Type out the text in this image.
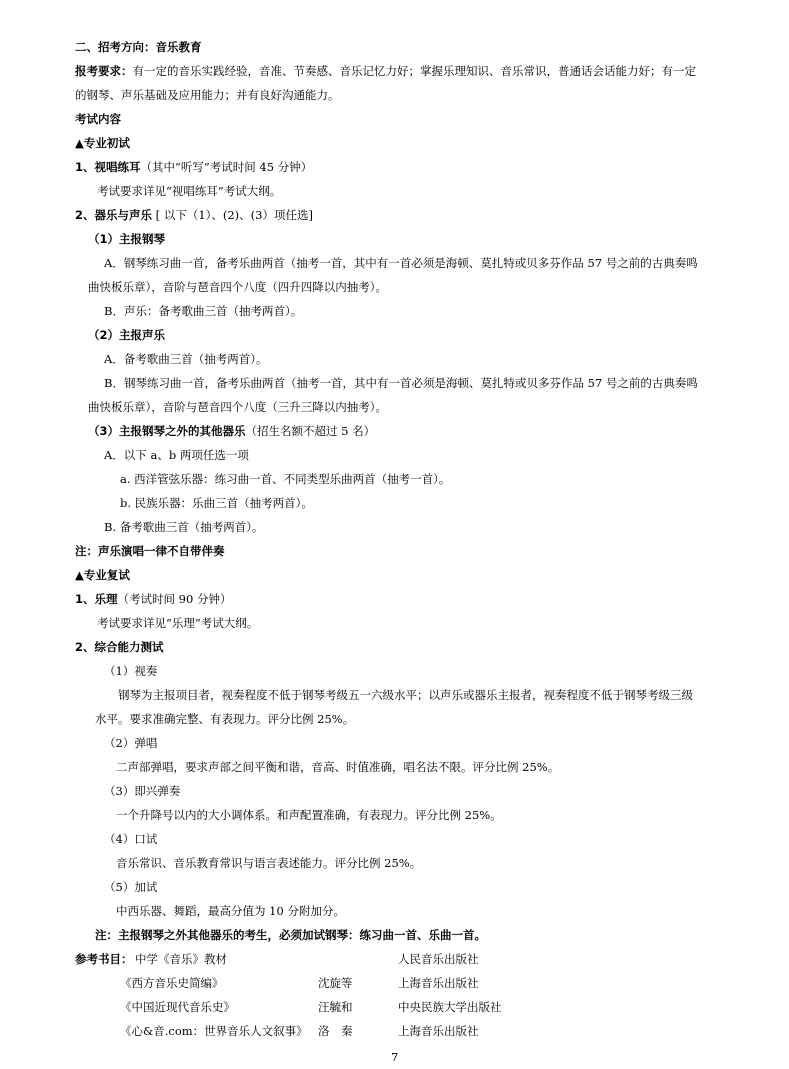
二、招考方向：音乐教育
报考要求：有一定的音乐实践经验，音准、节奏感、音乐记忆力好；掌握乐理知识、音乐常识，普通话会话能力好；有一定
的钢琴、声乐基础及应用能力；并有良好沟通能力。
考试内容
▲专业初试
1、视唱练耳（其中“听写”考试时间 45 分钟）
考试要求详见“视唱练耳”考试大纲。
2、器乐与声乐 [ 以下（1）、(2)、(3）项任选]
（1）主报钢琴
A．钢琴练习曲一首，备考乐曲两首（抽考一首，其中有一首必须是海顿、莫扎特或贝多芬作品 57 号之前的古典奏鸣
曲快板乐章），音阶与琶音四个八度（四升四降以内抽考）。
B．声乐：备考歌曲三首（抽考两首）。
（2）主报声乐
A．备考歌曲三首（抽考两首）。
B．钢琴练习曲一首，备考乐曲两首（抽考一首，其中有一首必须是海顿、莫扎特或贝多芬作品 57 号之前的古典奏鸣
曲快板乐章），音阶与琶音四个八度（三升三降以内抽考）。
（3）主报钢琴之外的其他器乐（招生名额不超过 5 名）
A．以下 a、b 两项任选一项
a. 西洋管弦乐器：练习曲一首、不同类型乐曲两首（抽考一首）。
b. 民族乐器：乐曲三首（抽考两首）。
B. 备考歌曲三首（抽考两首）。
注：声乐演唱一律不自带伴奏
▲专业复试
1、乐理（考试时间 90 分钟）
考试要求详见“乐理”考试大纲。
2、综合能力测试
（1）视奏
钢琴为主报项目者，视奏程度不低于钢琴考级五一六级水平；以声乐或器乐主报者，视奏程度不低于钢琴考级三级
水平。要求准确完整、有表现力。评分比例 25%。
（2）弹唱
二声部弹唱，要求声部之间平衡和谐，音高、时值准确，唱名法不限。评分比例 25%。
（3）即兴弹奏
一个升降号以内的大小调体系。和声配置准确，有表现力。评分比例 25%。
（4）口试
音乐常识、音乐教育常识与语言表述能力。评分比例 25%。
（5）加试
中西乐器、舞蹈，最高分值为 10 分附加分。
注：主报钢琴之外其他器乐的考生，必须加试钢琴：练习曲一首、乐曲一首。
参考书目： 中学《音乐》教材	人民音乐出版社
《西方音乐史简编》	沈旋等	上海音乐出版社
《中国近现代音乐史》	汪毓和	中央民族大学出版社
《心&音.com：世界音乐人文叙事》 洛　秦	上海音乐出版社
7
